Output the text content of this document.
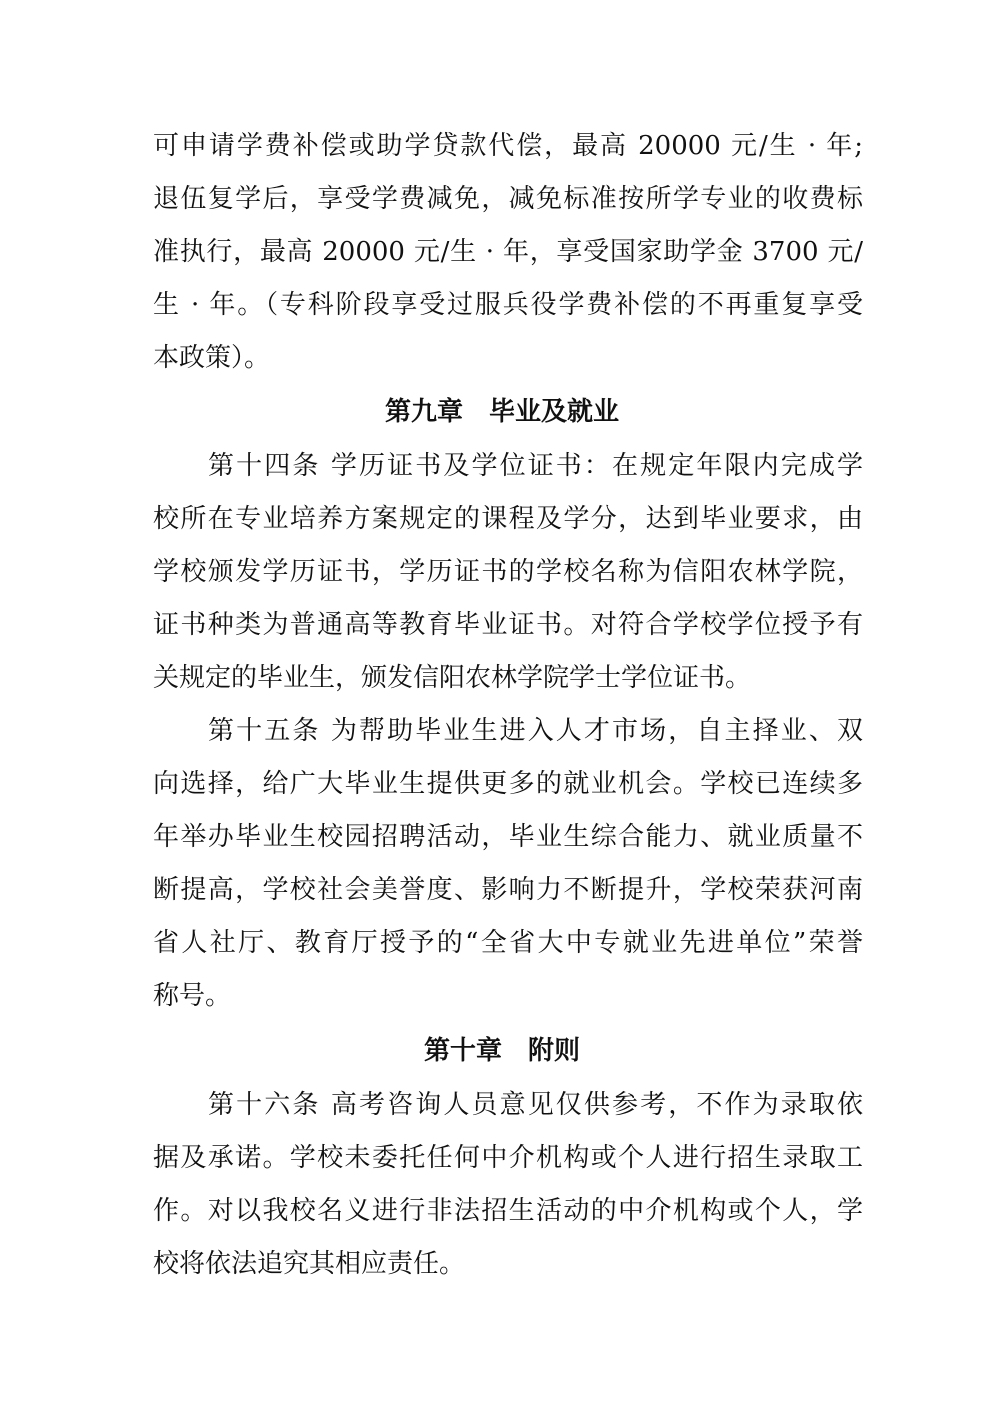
可申请学费补偿或助学贷款代偿，最高 20000 元/生 · 年;
退伍复学后，享受学费减免，减免标准按所学专业的收费标
准执行，最高 20000 元/生 · 年，享受国家助学金 3700 元/
生 · 年。（专科阶段享受过服兵役学费补偿的不再重复享受
本政策）。
第九章　毕业及就业
第十四条 学历证书及学位证书：在规定年限内完成学
校所在专业培养方案规定的课程及学分，达到毕业要求，由
学校颁发学历证书，学历证书的学校名称为信阳农林学院，
证书种类为普通高等教育毕业证书。对符合学校学位授予有
关规定的毕业生，颁发信阳农林学院学士学位证书。
第十五条 为帮助毕业生进入人才市场，自主择业、双
向选择，给广大毕业生提供更多的就业机会。学校已连续多
年举办毕业生校园招聘活动，毕业生综合能力、就业质量不
断提高，学校社会美誉度、影响力不断提升，学校荣获河南
省人社厅、教育厅授予的“全省大中专就业先进单位”荣誉
称号。
第十章　附则
第十六条 高考咨询人员意见仅供参考，不作为录取依
据及承诺。学校未委托任何中介机构或个人进行招生录取工
作。对以我校名义进行非法招生活动的中介机构或个人，学
校将依法追究其相应责任。
